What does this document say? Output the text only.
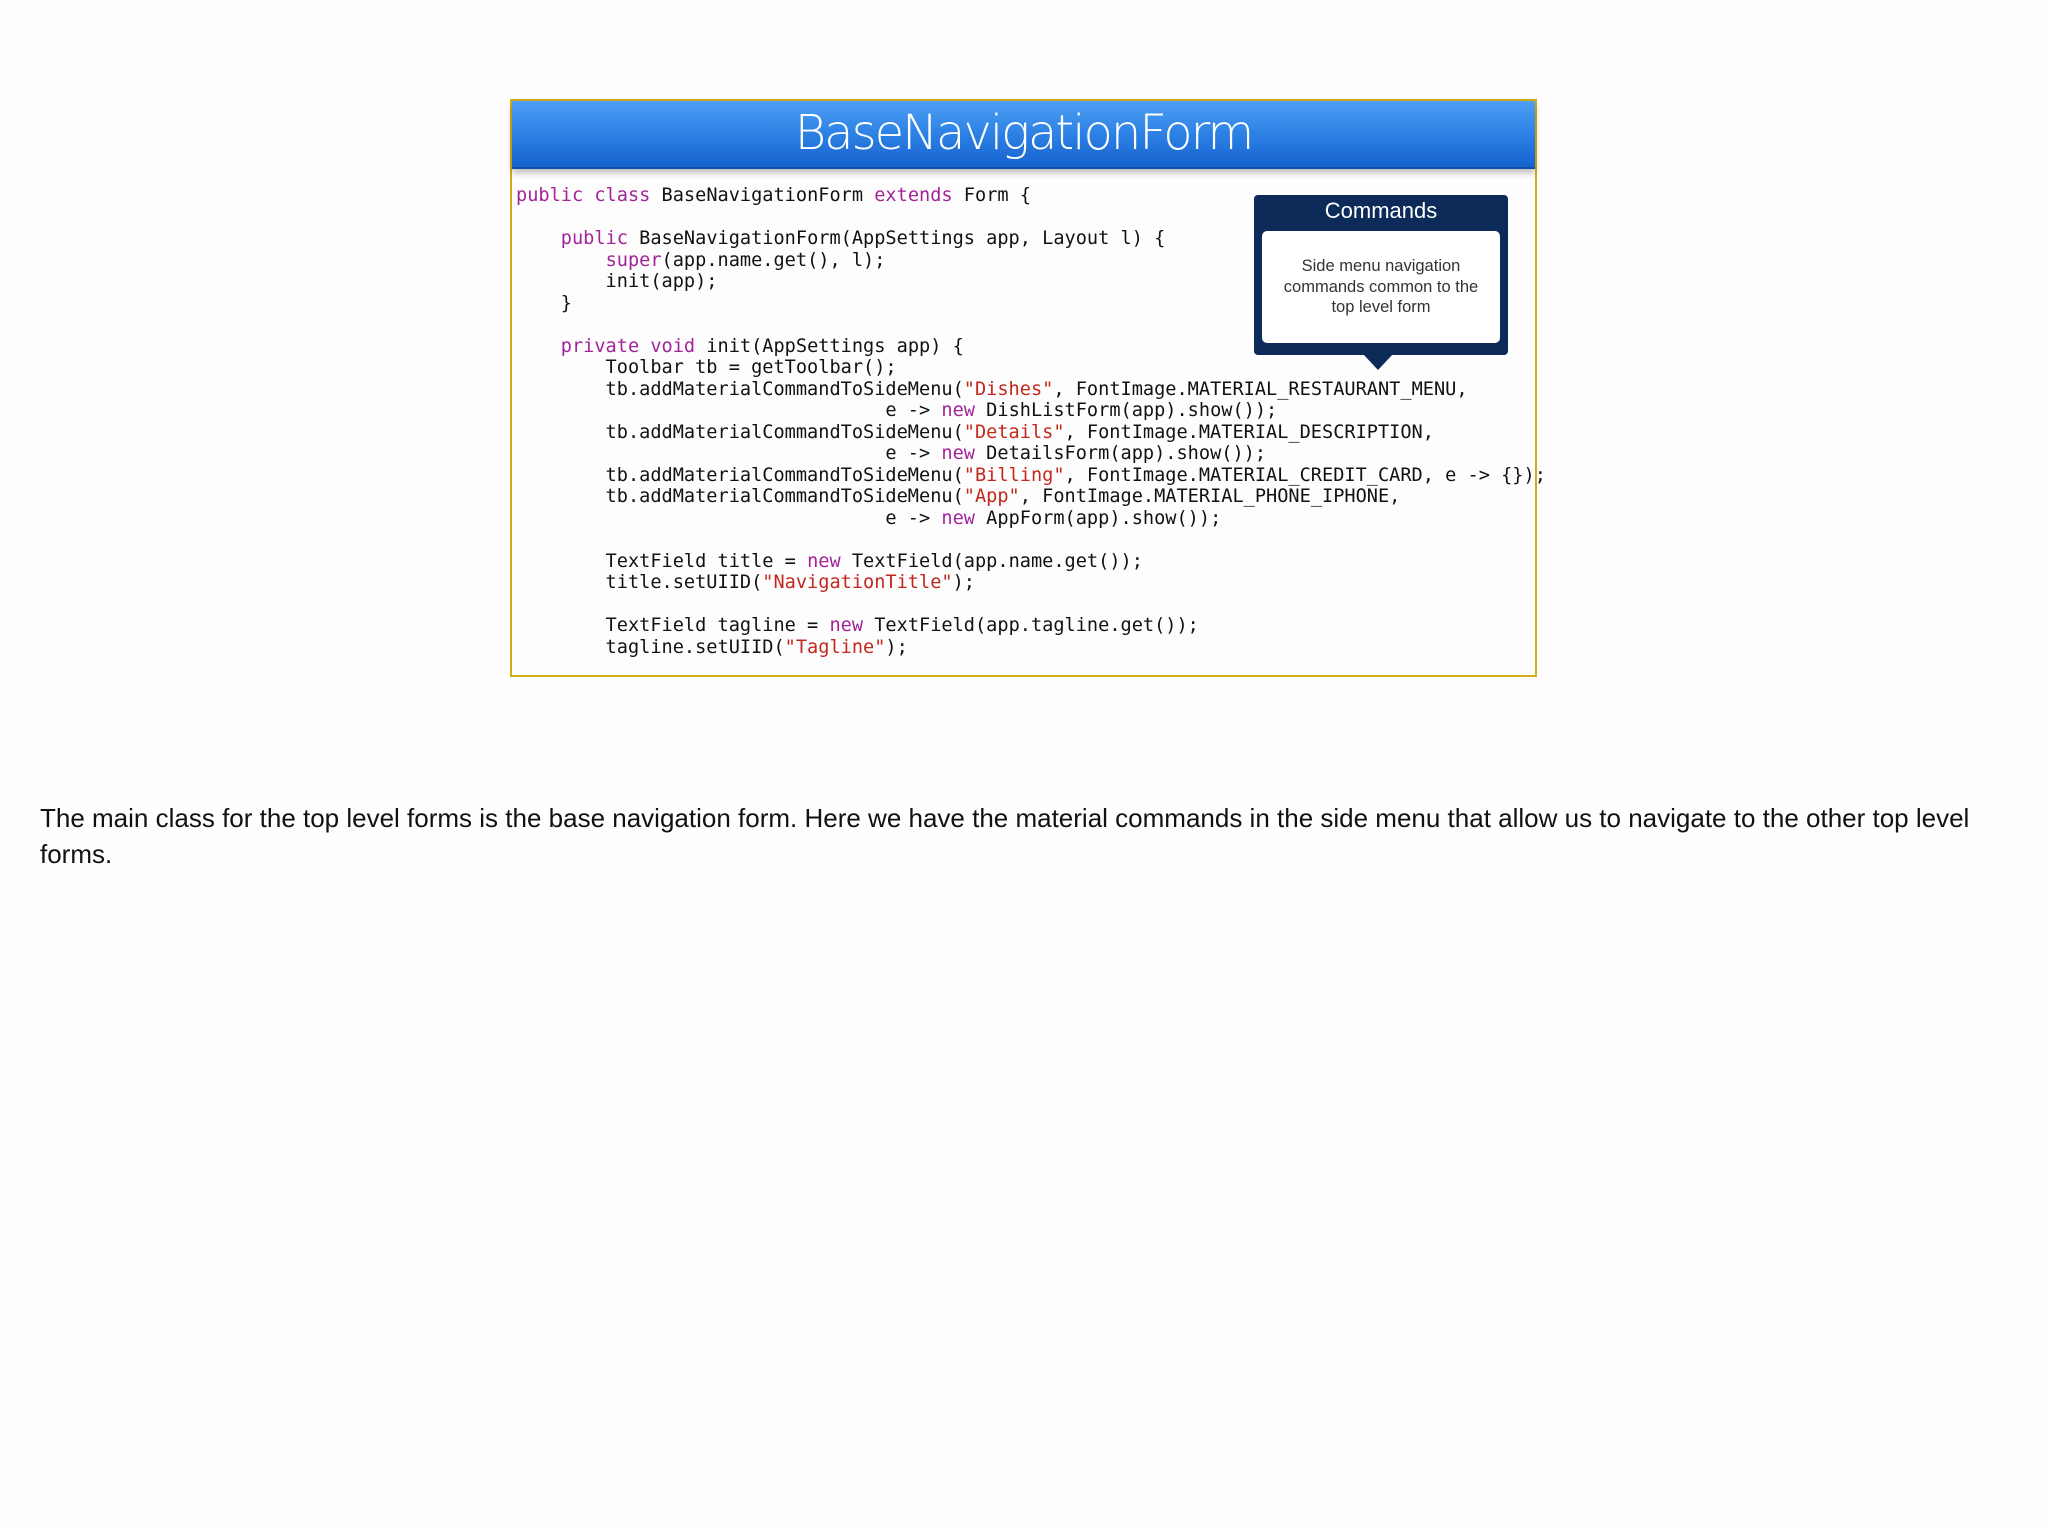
BaseNavigationForm
public class BaseNavigationForm extends Form {
public BaseNavigationForm(AppSettings app, Layout l) {
super(app.name.get(), l);
init(app);
}
private void init(AppSettings app) {
Toolbar tb = getToolbar();
tb.addMaterialCommandToSideMenu("Dishes", FontImage.MATERIAL_RESTAURANT_MENU,
e -> new DishListForm(app).show());
tb.addMaterialCommandToSideMenu("Details", FontImage.MATERIAL_DESCRIPTION,
e -> new DetailsForm(app).show());
tb.addMaterialCommandToSideMenu("Billing", FontImage.MATERIAL_CREDIT_CARD, e -> {});
tb.addMaterialCommandToSideMenu("App", FontImage.MATERIAL_PHONE_IPHONE,
e -> new AppForm(app).show());
TextField title = new TextField(app.name.get());
title.setUIID("NavigationTitle");
TextField tagline = new TextField(app.tagline.get());
tagline.setUIID("Tagline");
Commands
Side menu navigation commands common to the top level form

The main class for the top level forms is the base navigation form. Here we have the material commands in the side menu that allow us to navigate to the other top level forms.
